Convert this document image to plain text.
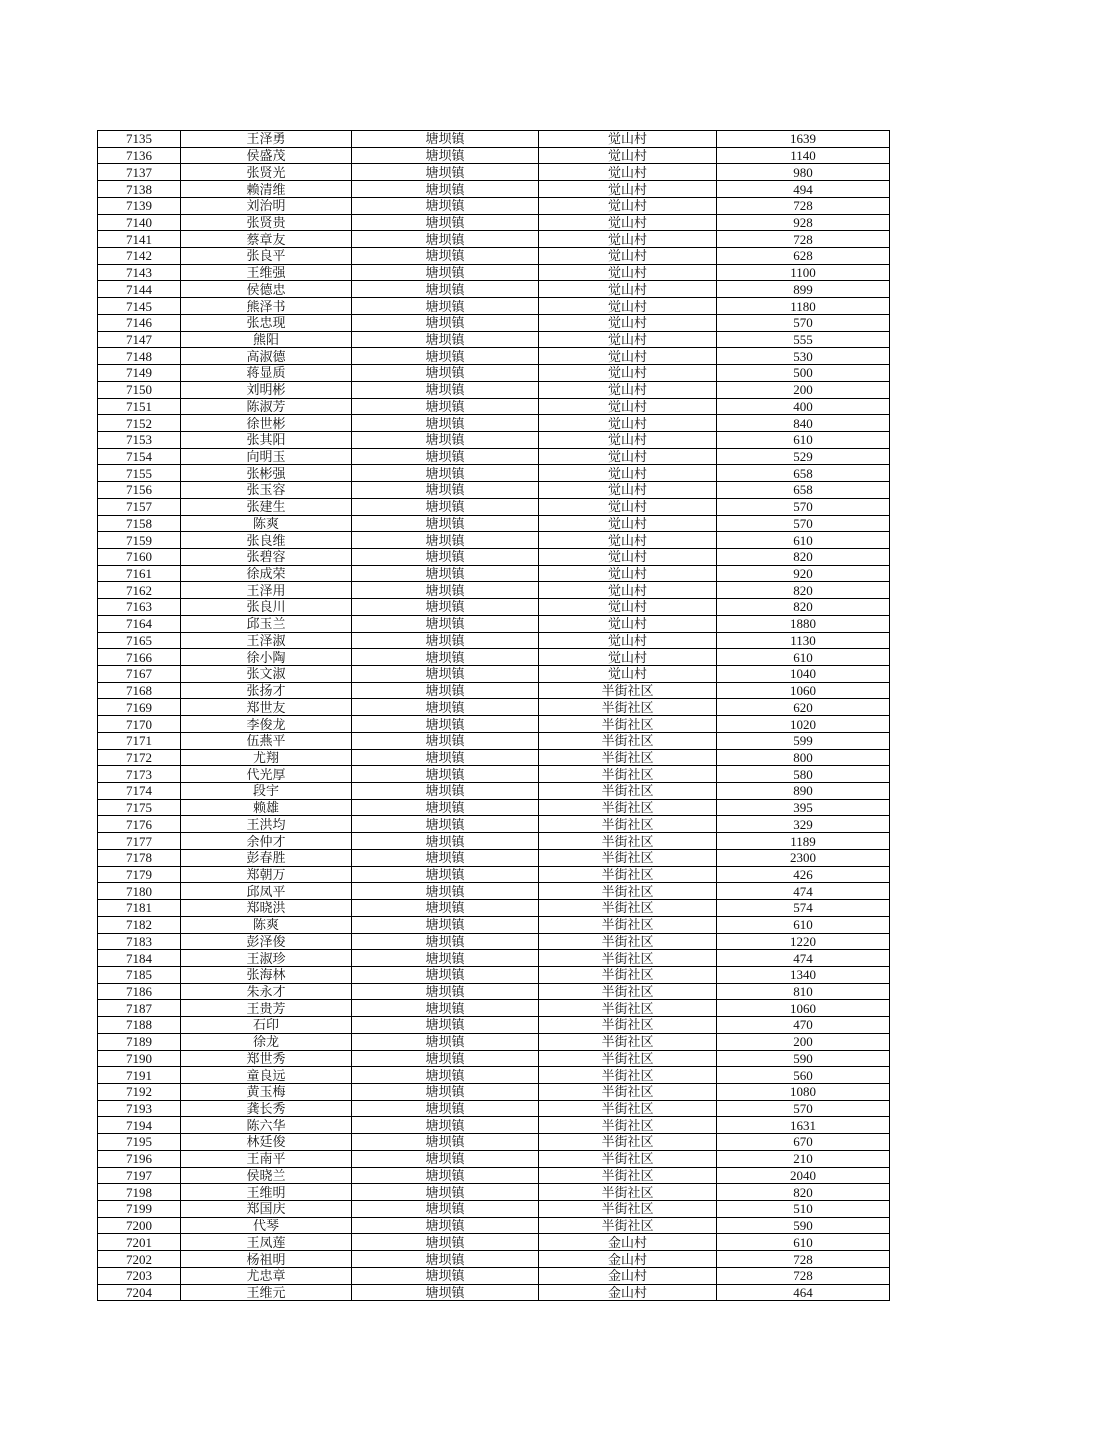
7135	王泽勇	塘坝镇	觉山村	1639
7136	侯盛茂	塘坝镇	觉山村	1140
7137	张贤光	塘坝镇	觉山村	980
7138	赖清维	塘坝镇	觉山村	494
7139	刘治明	塘坝镇	觉山村	728
7140	张贤贵	塘坝镇	觉山村	928
7141	蔡章友	塘坝镇	觉山村	728
7142	张良平	塘坝镇	觉山村	628
7143	王维强	塘坝镇	觉山村	1100
7144	侯德忠	塘坝镇	觉山村	899
7145	熊泽书	塘坝镇	觉山村	1180
7146	张忠现	塘坝镇	觉山村	570
7147	熊阳	塘坝镇	觉山村	555
7148	高淑德	塘坝镇	觉山村	530
7149	蒋显质	塘坝镇	觉山村	500
7150	刘明彬	塘坝镇	觉山村	200
7151	陈淑芳	塘坝镇	觉山村	400
7152	徐世彬	塘坝镇	觉山村	840
7153	张其阳	塘坝镇	觉山村	610
7154	向明玉	塘坝镇	觉山村	529
7155	张彬强	塘坝镇	觉山村	658
7156	张玉容	塘坝镇	觉山村	658
7157	张建生	塘坝镇	觉山村	570
7158	陈爽	塘坝镇	觉山村	570
7159	张良维	塘坝镇	觉山村	610
7160	张碧容	塘坝镇	觉山村	820
7161	徐成荣	塘坝镇	觉山村	920
7162	王泽用	塘坝镇	觉山村	820
7163	张良川	塘坝镇	觉山村	820
7164	邱玉兰	塘坝镇	觉山村	1880
7165	王泽淑	塘坝镇	觉山村	1130
7166	徐小陶	塘坝镇	觉山村	610
7167	张文淑	塘坝镇	觉山村	1040
7168	张扬才	塘坝镇	半街社区	1060
7169	郑世友	塘坝镇	半街社区	620
7170	李俊龙	塘坝镇	半街社区	1020
7171	伍燕平	塘坝镇	半街社区	599
7172	尤翔	塘坝镇	半街社区	800
7173	代光厚	塘坝镇	半街社区	580
7174	段宇	塘坝镇	半街社区	890
7175	赖雄	塘坝镇	半街社区	395
7176	王洪均	塘坝镇	半街社区	329
7177	余仲才	塘坝镇	半街社区	1189
7178	彭春胜	塘坝镇	半街社区	2300
7179	郑朝万	塘坝镇	半街社区	426
7180	邱凤平	塘坝镇	半街社区	474
7181	郑晓洪	塘坝镇	半街社区	574
7182	陈爽	塘坝镇	半街社区	610
7183	彭泽俊	塘坝镇	半街社区	1220
7184	王淑珍	塘坝镇	半街社区	474
7185	张海林	塘坝镇	半街社区	1340
7186	朱永才	塘坝镇	半街社区	810
7187	王贵芳	塘坝镇	半街社区	1060
7188	石印	塘坝镇	半街社区	470
7189	徐龙	塘坝镇	半街社区	200
7190	郑世秀	塘坝镇	半街社区	590
7191	童良远	塘坝镇	半街社区	560
7192	黄玉梅	塘坝镇	半街社区	1080
7193	龚长秀	塘坝镇	半街社区	570
7194	陈六华	塘坝镇	半街社区	1631
7195	林廷俊	塘坝镇	半街社区	670
7196	王南平	塘坝镇	半街社区	210
7197	侯晓兰	塘坝镇	半街社区	2040
7198	王维明	塘坝镇	半街社区	820
7199	郑国庆	塘坝镇	半街社区	510
7200	代琴	塘坝镇	半街社区	590
7201	王凤莲	塘坝镇	金山村	610
7202	杨祖明	塘坝镇	金山村	728
7203	尤忠章	塘坝镇	金山村	728
7204	王维元	塘坝镇	金山村	464
